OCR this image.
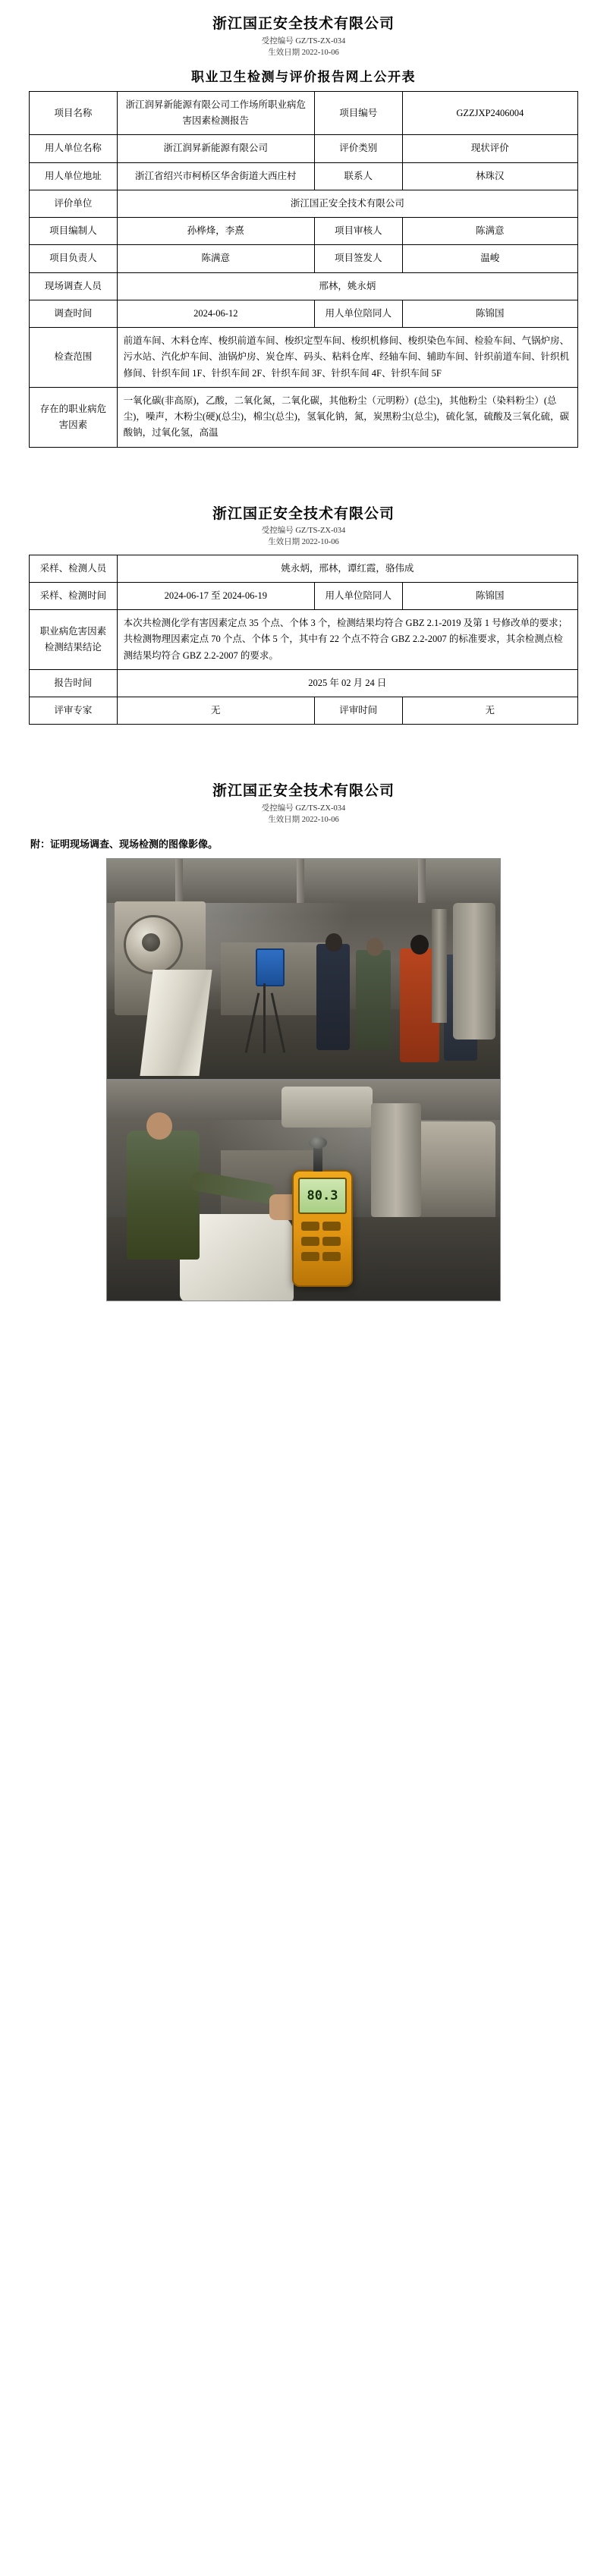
浙江国正安全技术有限公司
受控编号 GZ/TS-ZX-034
生效日期 2022-10-06
职业卫生检测与评价报告网上公开表
项目名称	浙江润昇新能源有限公司工作场所职业病危害因素检测报告	项目编号	GZZJXP2406004
用人单位名称	浙江润昇新能源有限公司	评价类别	现状评价
用人单位地址	浙江省绍兴市柯桥区华舍街道大西庄村	联系人	林珠汉
评价单位	浙江国正安全技术有限公司		
项目编制人	孙桦烽，李熹	项目审核人	陈满意
项目负责人	陈满意	项目签发人	温峻
现场调查人员	邢林，姚永炳		
调查时间	2024-06-12	用人单位陪同人	陈锦国
检查范围	前道车间、木料仓库、梭织前道车间、梭织定型车间、梭织机修间、梭织染色车间、检验车间、气锅炉房、污水站、汽化炉车间、油锅炉房、炭仓库、码头、粘料仓库、经轴车间、辅助车间、针织前道车间、针织机修间、针织车间 1F、针织车间 2F、针织车间 3F、针织车间 4F、针织车间 5F		
存在的职业病危害因素	一氧化碳(非高原)，乙酸，二氧化氮，二氧化碳，其他粉尘（元明粉）(总尘)，其他粉尘（染料粉尘）(总尘)，噪声，木粉尘(硬)(总尘)，棉尘(总尘)，氢氧化钠，氮，炭黑粉尘(总尘)，硫化氢，硫酸及三氧化硫，碳酸钠，过氧化氢，高温		
浙江国正安全技术有限公司
受控编号 GZ/TS-ZX-034
生效日期 2022-10-06
采样、检测人员	姚永炳，邢林，谭红霞，骆伟成		
采样、检测时间	2024-06-17 至 2024-06-19	用人单位陪同人	陈锦国
职业病危害因素检测结果结论	本次共检测化学有害因素定点 35 个点、个体 3 个，检测结果均符合 GBZ 2.1-2019 及第 1 号修改单的要求；共检测物理因素定点 70 个点、个体 5 个，其中有 22 个点不符合 GBZ 2.2-2007 的标准要求，其余检测点检测结果均符合 GBZ 2.2-2007 的要求。		
报告时间	2025 年 02 月 24 日		
评审专家	无	评审时间	无
浙江国正安全技术有限公司
受控编号 GZ/TS-ZX-034
生效日期 2022-10-06
附：证明现场调查、现场检测的图像影像。
80.3
